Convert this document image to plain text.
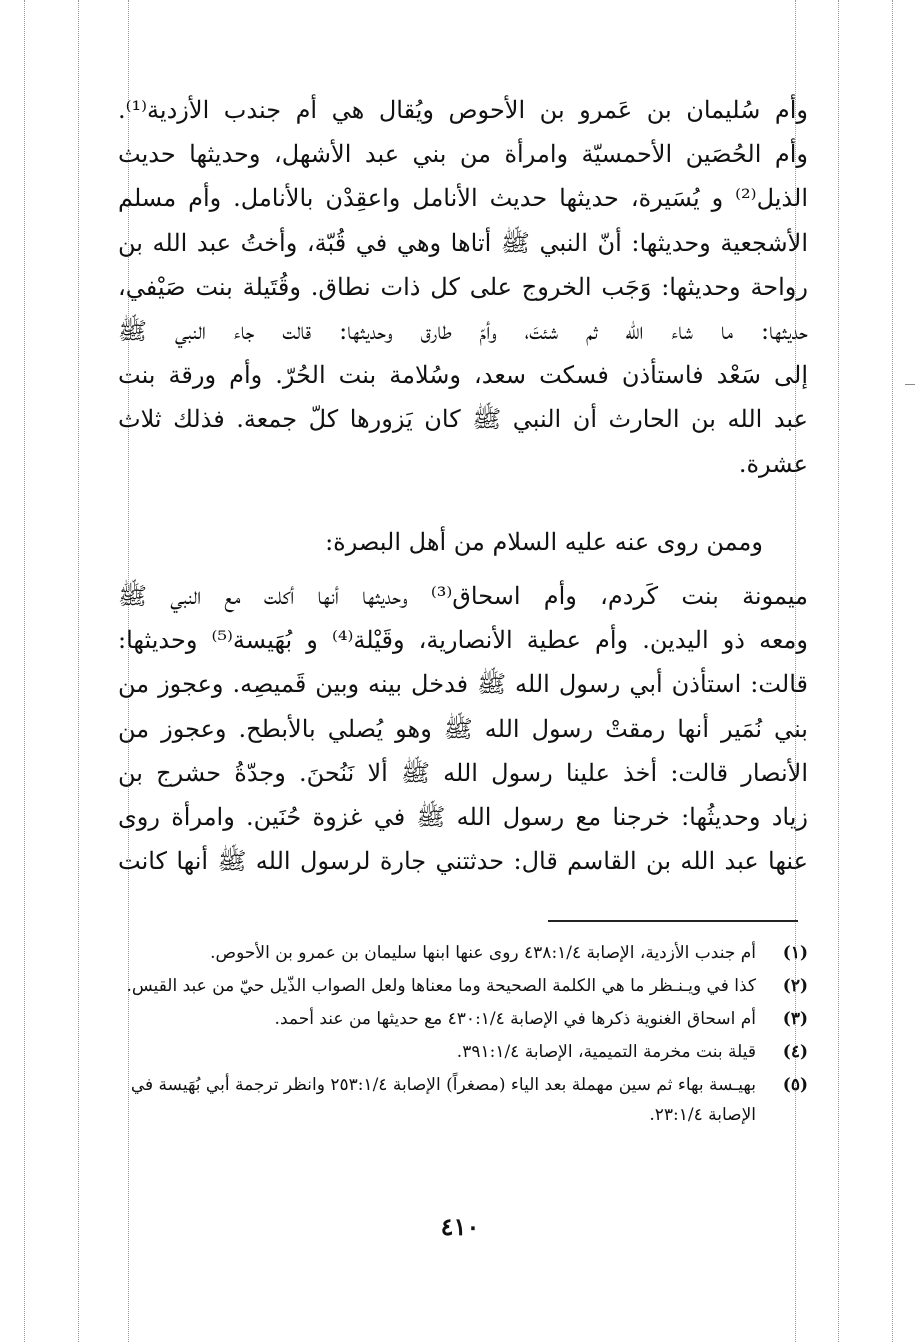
وأم سُليمان بن عَمرو بن الأحوص ويُقال هي أم جندب الأزدية⁽¹⁾.
وأم الحُصَين الأحمسيّة وامرأة من بني عبد الأشهل، وحديثها حديث
الذيل⁽²⁾ و يُسَيرة، حديثها حديث الأنامل واعقِدْن بالأنامل. وأم مسلم
الأشجعية وحديثها: أنّ النبي ﷺ أتاها وهي في قُبّة، وأختُ عبد الله بن
رواحة وحديثها: وَجَب الخروج على كل ذات نطاق. وقُتَيلة بنت صَيْفي،
حديثها: ما شاء الله ثم شئتَ، وأمّ طارق وحديثها: قالت جاء النبي ﷺ
إلى سَعْد فاستأذن فسكت سعد، وسُلامة بنت الحُرّ. وأم ورقة بنت
عبد الله بن الحارث أن النبي ﷺ كان يَزورها كلّ جمعة. فذلك ثلاث
عشرة.
وممن روى عنه عليه السلام من أهل البصرة:
ميمونة بنت كَردم، وأم اسحاق⁽³⁾ وحديثها أنها أكلت مع النبي ﷺ
ومعه ذو اليدين. وأم عطية الأنصارية، وقَيْلة⁽⁴⁾ و بُهَيسة⁽⁵⁾ وحديثها:
قالت: استأذن أبي رسول الله ﷺ فدخل بينه وبين قَميصِه. وعجوز من
بني نُمَير أنها رمقتْ رسول الله ﷺ وهو يُصلي بالأبطح. وعجوز من
الأنصار قالت: أخذ علينا رسول الله ﷺ ألا نَنُحنَ. وجدّةُ حشرج بن
زياد وحديثُها: خرجنا مع رسول الله ﷺ في غزوة حُنَين. وامرأة روى
عنها عبد الله بن القاسم قال: حدثتني جارة لرسول الله ﷺ أنها كانت
(١)
أم جندب الأزدية، الإصابة ٤٣٨:١/٤ روى عنها ابنها سليمان بن عمرو بن الأحوص.
(٢)
كذا في ويـنـظر ما هي الكلمة الصحيحة وما معناها ولعل الصواب الذّيل حيّ من عبد القيس.
(٣)
أم اسحاق الغنوية ذكرها في الإصابة ٤٣٠:١/٤ مع حديثها من عند أحمد.
(٤)
قيلة بنت مخرمة التميمية، الإصابة ٣٩١:١/٤.
(٥)
بهيـسة بهاء ثم سين مهملة بعد الياء (مصغراً) الإصابة ٢٥٣:١/٤ وانظر ترجمة أبي بُهَيسة في الإصابة ٢٣:١/٤.
٤١٠
